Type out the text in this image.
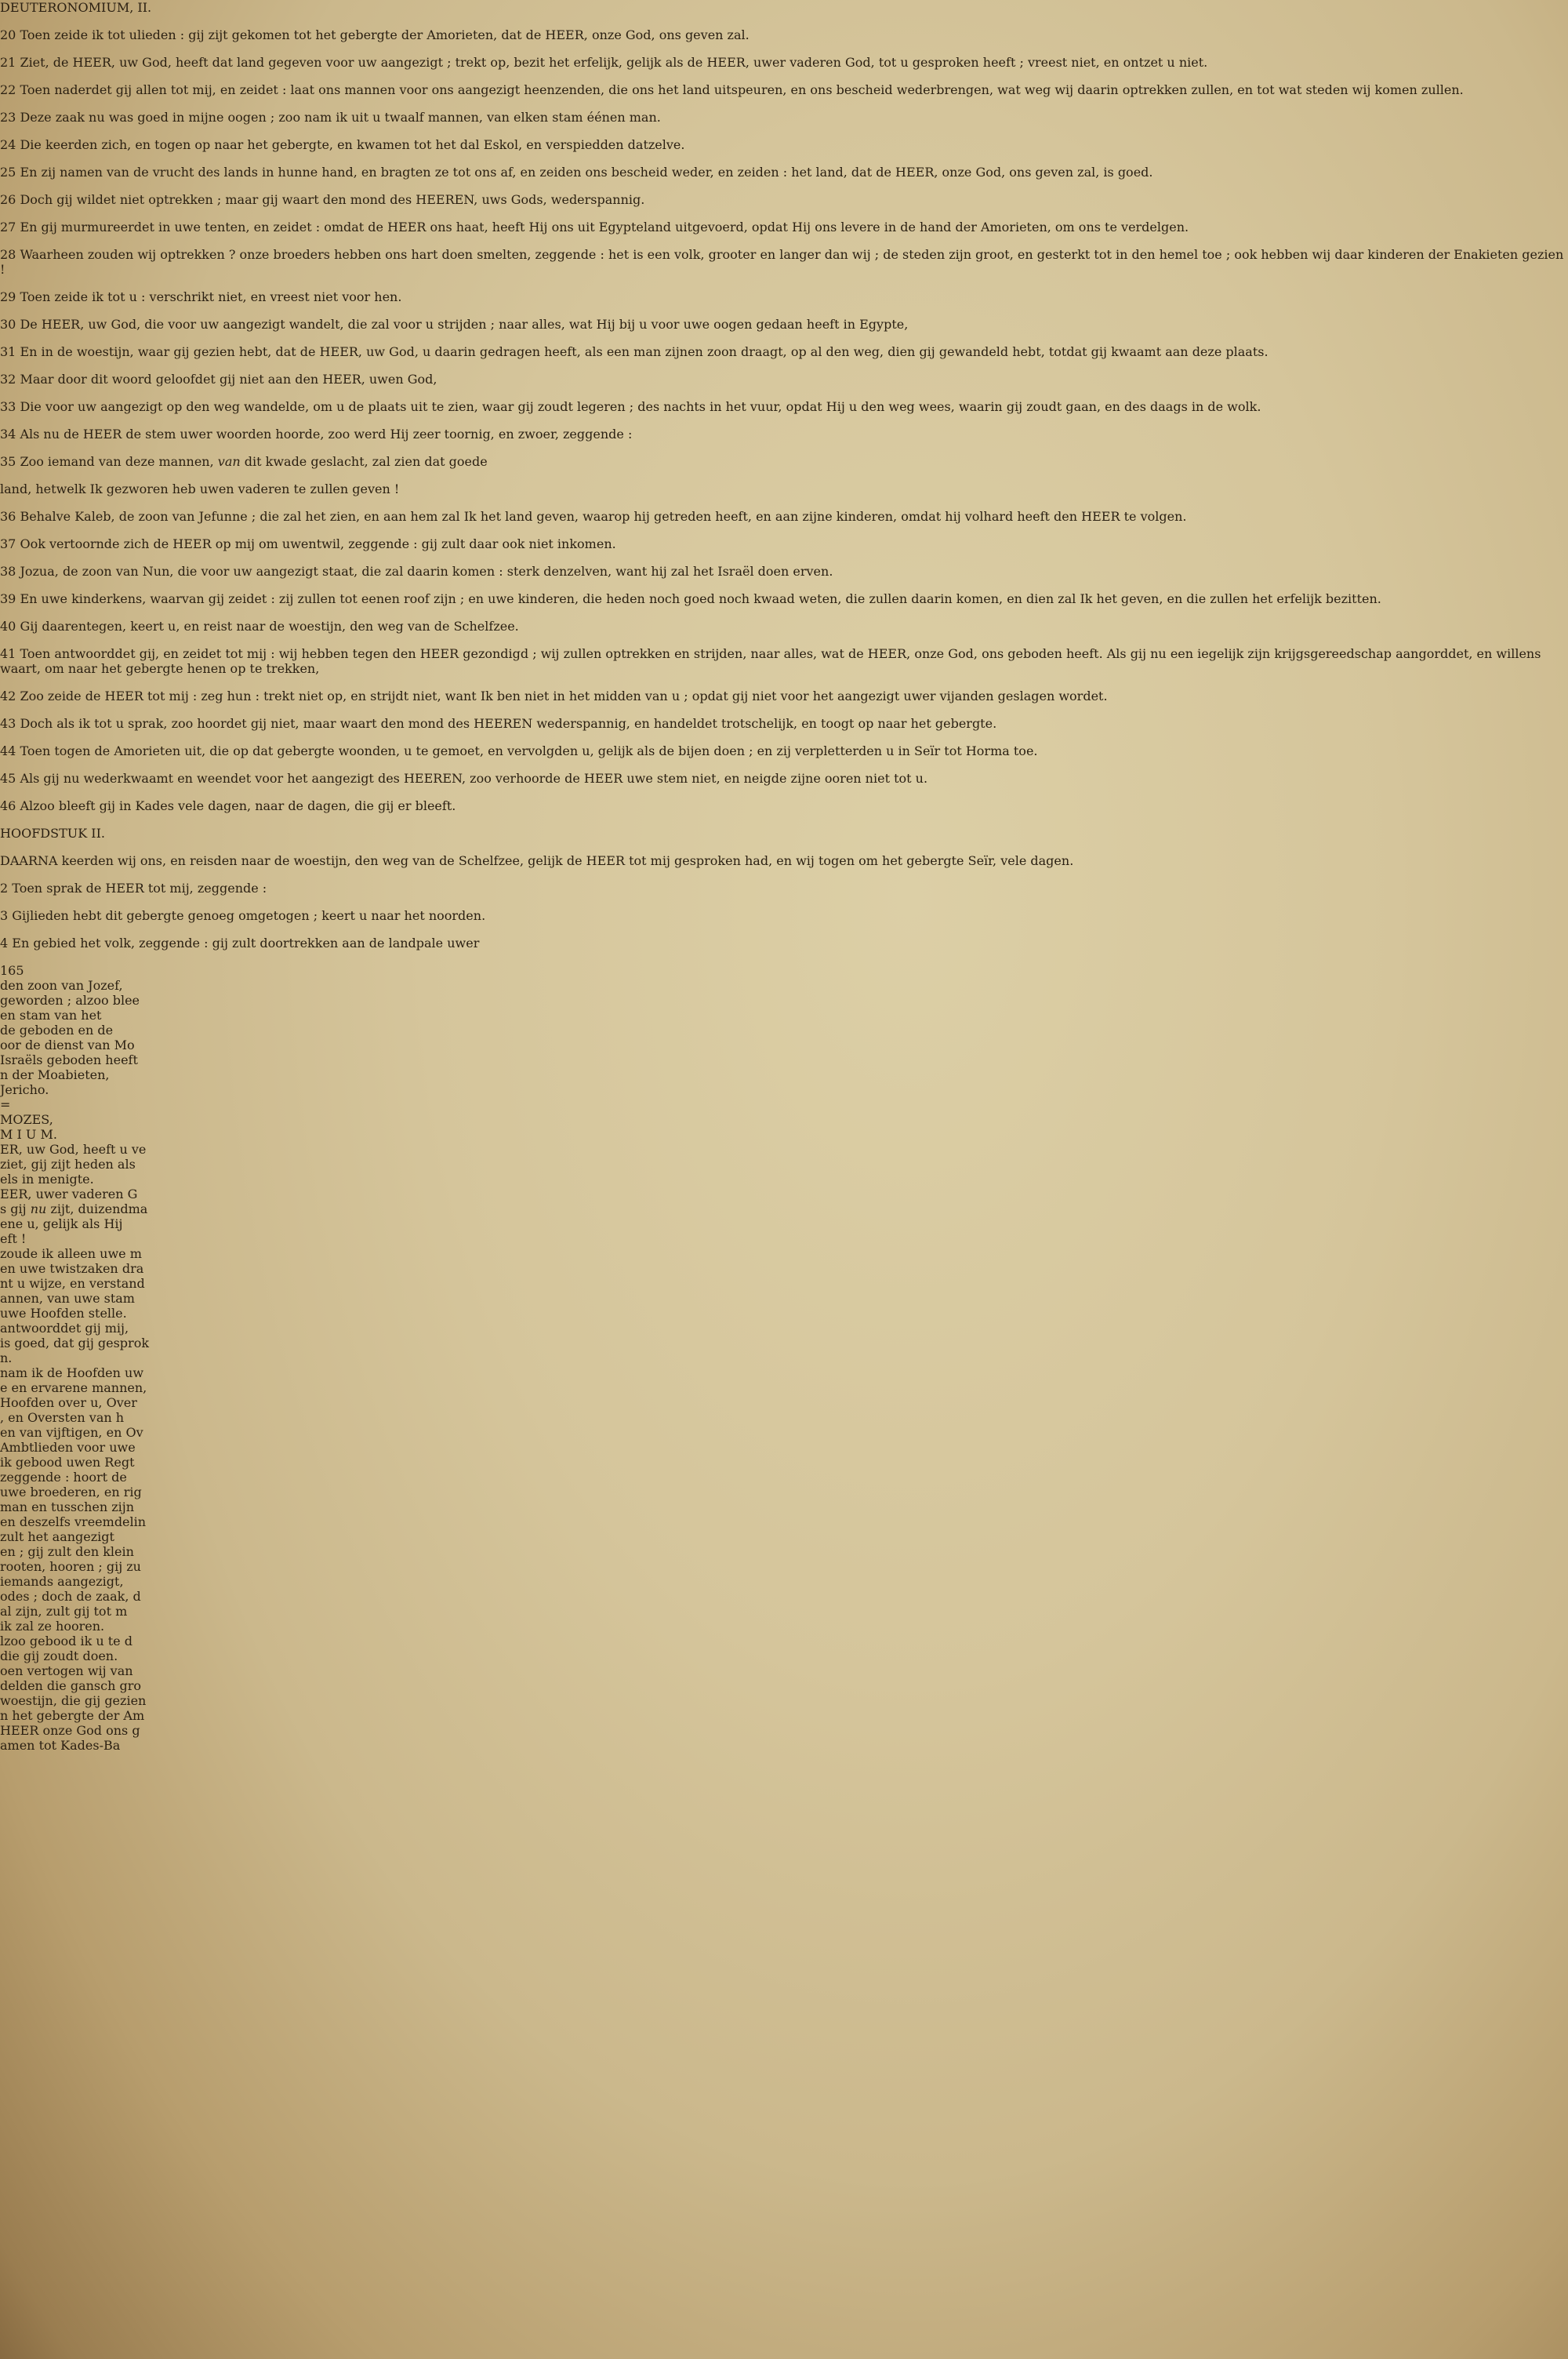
DEUTERONOMIUM, II.

20 Toen zeide ik tot ulieden : gij zijt gekomen tot het gebergte der Amorieten, dat de HEER, onze God, ons geven zal.

21 Ziet, de HEER, uw God, heeft dat land gegeven voor uw aangezigt ; trekt op, bezit het erfelijk, gelijk als de HEER, uwer vaderen God, tot u gesproken heeft ; vreest niet, en ontzet u niet.

22 Toen naderdet gij allen tot mij, en zeidet : laat ons mannen voor ons aangezigt heenzenden, die ons het land uitspeuren, en ons bescheid wederbrengen, wat weg wij daarin optrekken zullen, en tot wat steden wij komen zullen.

23 Deze zaak nu was goed in mijne oogen ; zoo nam ik uit u twaalf mannen, van elken stam éénen man.

24 Die keerden zich, en togen op naar het gebergte, en kwamen tot het dal Eskol, en verspiedden datzelve.

25 En zij namen van de vrucht des lands in hunne hand, en bragten ze tot ons af, en zeiden ons bescheid weder, en zeiden : het land, dat de HEER, onze God, ons geven zal, is goed.

26 Doch gij wildet niet optrekken ; maar gij waart den mond des HEEREN, uws Gods, wederspannig.

27 En gij murmureerdet in uwe tenten, en zeidet : omdat de HEER ons haat, heeft Hij ons uit Egypteland uitgevoerd, opdat Hij ons levere in de hand der Amorieten, om ons te verdelgen.

28 Waarheen zouden wij optrekken ? onze broeders hebben ons hart doen smelten, zeggende : het is een volk, grooter en langer dan wij ; de steden zijn groot, en gesterkt tot in den hemel toe ; ook hebben wij daar kinderen der Enakieten gezien !

29 Toen zeide ik tot u : verschrikt niet, en vreest niet voor hen.

30 De HEER, uw God, die voor uw aangezigt wandelt, die zal voor u strijden ; naar alles, wat Hij bij u voor uwe oogen gedaan heeft in Egypte,

31 En in de woestijn, waar gij gezien hebt, dat de HEER, uw God, u daarin gedragen heeft, als een man zijnen zoon draagt, op al den weg, dien gij gewandeld hebt, totdat gij kwaamt aan deze plaats.

32 Maar door dit woord geloofdet gij niet aan den HEER, uwen God,

33 Die voor uw aangezigt op den weg wandelde, om u de plaats uit te zien, waar gij zoudt legeren ; des nachts in het vuur, opdat Hij u den weg wees, waarin gij zoudt gaan, en des daags in de wolk.

34 Als nu de HEER de stem uwer woorden hoorde, zoo werd Hij zeer toornig, en zwoer, zeggende :

35 Zoo iemand van deze mannen, van dit kwade geslacht, zal zien dat goede

land, hetwelk Ik gezworen heb uwen vaderen te zullen geven !

36 Behalve Kaleb, de zoon van Jefunne ; die zal het zien, en aan hem zal Ik het land geven, waarop hij getreden heeft, en aan zijne kinderen, omdat hij volhard heeft den HEER te volgen.

37 Ook vertoornde zich de HEER op mij om uwentwil, zeggende : gij zult daar ook niet inkomen.

38 Jozua, de zoon van Nun, die voor uw aangezigt staat, die zal daarin komen : sterk denzelven, want hij zal het Israël doen erven.

39 En uwe kinderkens, waarvan gij zeidet : zij zullen tot eenen roof zijn ; en uwe kinderen, die heden noch goed noch kwaad weten, die zullen daarin komen, en dien zal Ik het geven, en die zullen het erfelijk bezitten.

40 Gij daarentegen, keert u, en reist naar de woestijn, den weg van de Schelfzee.

41 Toen antwoorddet gij, en zeidet tot mij : wij hebben tegen den HEER gezondigd ; wij zullen optrekken en strijden, naar alles, wat de HEER, onze God, ons geboden heeft. Als gij nu een iegelijk zijn krijgsgereedschap aangorddet, en willens waart, om naar het gebergte henen op te trekken,

42 Zoo zeide de HEER tot mij : zeg hun : trekt niet op, en strijdt niet, want Ik ben niet in het midden van u ; opdat gij niet voor het aangezigt uwer vijanden geslagen wordet.

43 Doch als ik tot u sprak, zoo hoordet gij niet, maar waart den mond des HEEREN wederspannig, en handeldet trotschelijk, en toogt op naar het gebergte.

44 Toen togen de Amorieten uit, die op dat gebergte woonden, u te gemoet, en vervolgden u, gelijk als de bijen doen ; en zij verpletterden u in Seïr tot Horma toe.

45 Als gij nu wederkwaamt en weendet voor het aangezigt des HEEREN, zoo verhoorde de HEER uwe stem niet, en neigde zijne ooren niet tot u.

46 Alzoo bleeft gij in Kades vele dagen, naar de dagen, die gij er bleeft.

HOOFDSTUK II.

DAARNA keerden wij ons, en reisden naar de woestijn, den weg van de Schelfzee, gelijk de HEER tot mij gesproken had, en wij togen om het gebergte Seïr, vele dagen.

2 Toen sprak de HEER tot mij, zeggende :

3 Gijlieden hebt dit gebergte genoeg omgetogen ; keert u naar het noorden.

4 En gebied het volk, zeggende : gij zult doortrekken aan de landpale uwer

165
den zoon van Jozef,
geworden ; alzoo blee
en stam van het
de geboden en de
oor de dienst van Mo
Israëls geboden heeft
n der Moabieten,
Jericho.
=
MOZES,
M I U M.
ER, uw God, heeft u ve
ziet, gij zijt heden als
els in menigte.
EER, uwer vaderen G
s gij nu zijt, duizendma
ene u, gelijk als Hij
eft !
zoude ik alleen uwe m
en uwe twistzaken dra
nt u wijze, en verstand
annen, van uwe stam
uwe Hoofden stelle.
antwoorddet gij mij,
is goed, dat gij gesprok
n.
nam ik de Hoofden uw
e en ervarene mannen,
Hoofden over u, Over
, en Oversten van h
en van vijftigen, en Ov
Ambtlieden voor uwe
ik gebood uwen Regt
zeggende : hoort de
uwe broederen, en rig
man en tusschen zijn
en deszelfs vreemdelin
zult het aangezigt
en ; gij zult den klein
rooten, hooren ; gij zu
iemands aangezigt,
odes ; doch de zaak, d
al zijn, zult gij tot m
ik zal ze hooren.
lzoo gebood ik u te d
die gij zoudt doen.
oen vertogen wij van
delden die gansch gro
woestijn, die gij gezien
n het gebergte der Am
HEER onze God ons g
amen tot Kades-Ba
